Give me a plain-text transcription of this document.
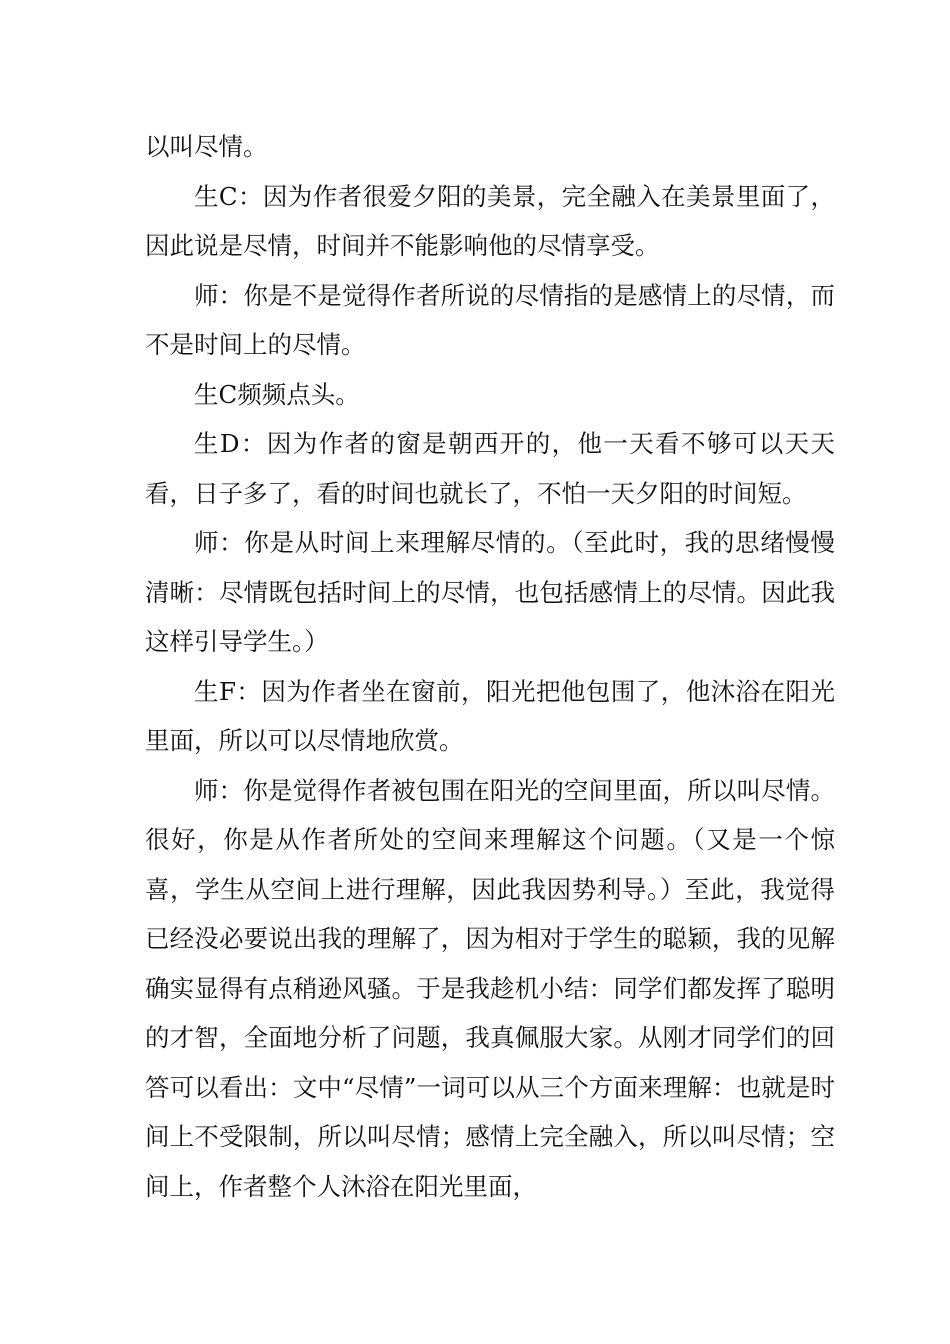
以叫尽情。

生C：因为作者很爱夕阳的美景，完全融入在美景里面了，因此说是尽情，时间并不能影响他的尽情享受。

师：你是不是觉得作者所说的尽情指的是感情上的尽情，而不是时间上的尽情。

生C频频点头。

生D：因为作者的窗是朝西开的，他一天看不够可以天天看，日子多了，看的时间也就长了，不怕一天夕阳的时间短。

师：你是从时间上来理解尽情的。（至此时，我的思绪慢慢清晰：尽情既包括时间上的尽情，也包括感情上的尽情。因此我这样引导学生。）

生F：因为作者坐在窗前，阳光把他包围了，他沐浴在阳光里面，所以可以尽情地欣赏。

师：你是觉得作者被包围在阳光的空间里面，所以叫尽情。很好，你是从作者所处的空间来理解这个问题。（又是一个惊喜，学生从空间上进行理解，因此我因势利导。）至此，我觉得已经没必要说出我的理解了，因为相对于学生的聪颖，我的见解确实显得有点稍逊风骚。于是我趁机小结：同学们都发挥了聪明的才智，全面地分析了问题，我真佩服大家。从刚才同学们的回答可以看出：文中“尽情”一词可以从三个方面来理解：也就是时间上不受限制，所以叫尽情；感情上完全融入，所以叫尽情；空间上，作者整个人沐浴在阳光里面，
